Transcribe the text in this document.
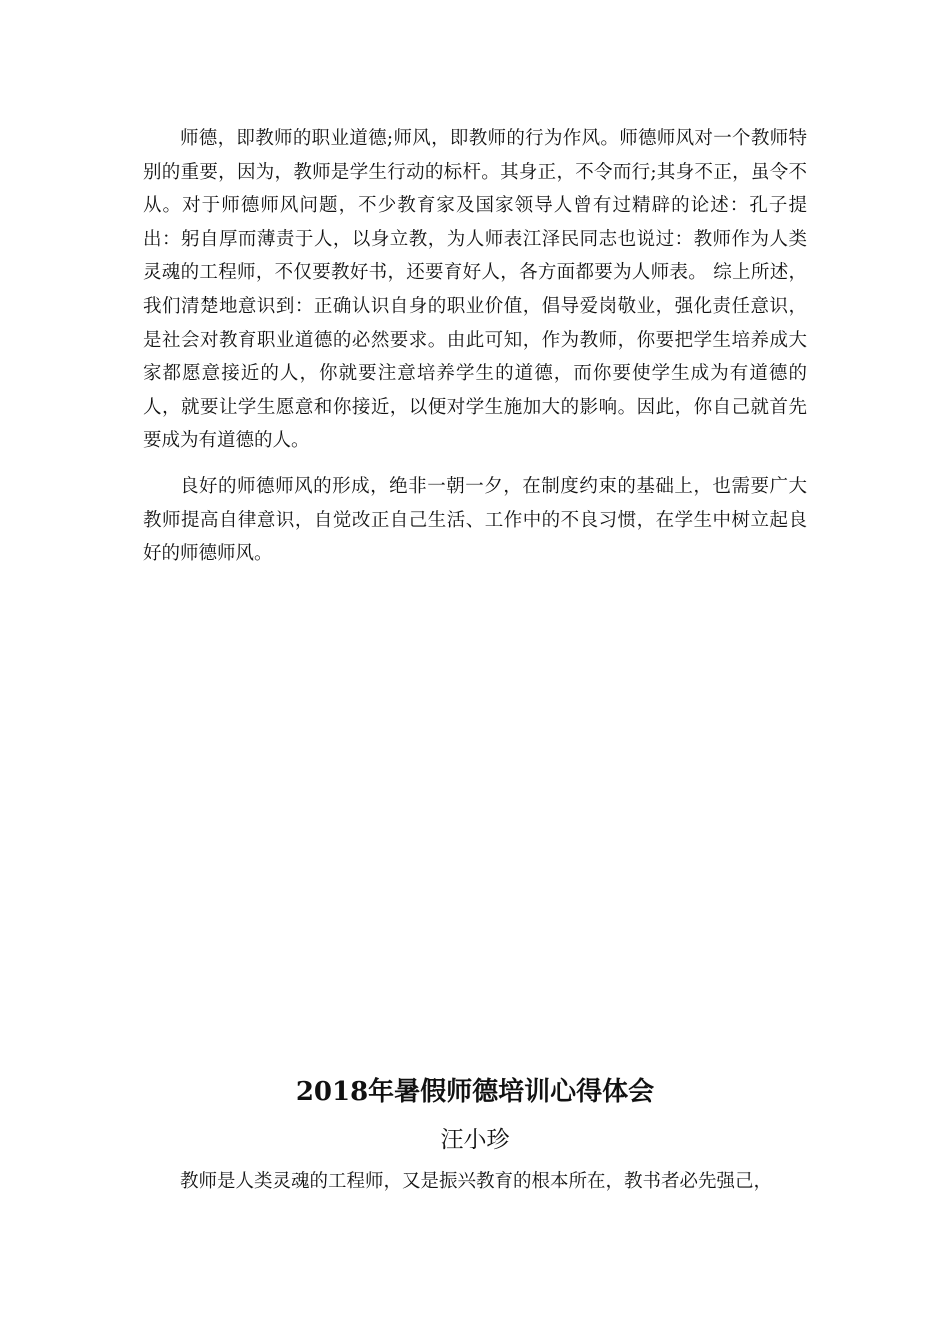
师德，即教师的职业道德;师风，即教师的行为作风。师德师风对一个教师特别的重要，因为，教师是学生行动的标杆。其身正，不令而行;其身不正，虽令不从。对于师德师风问题，不少教育家及国家领导人曾有过精辟的论述：孔子提出：躬自厚而薄责于人，以身立教，为人师表江泽民同志也说过：教师作为人类灵魂的工程师，不仅要教好书，还要育好人，各方面都要为人师表。 综上所述，我们清楚地意识到：正确认识自身的职业价值，倡导爱岗敬业，强化责任意识，是社会对教育职业道德的必然要求。由此可知，作为教师，你要把学生培养成大家都愿意接近的人，你就要注意培养学生的道德，而你要使学生成为有道德的人，就要让学生愿意和你接近，以便对学生施加大的影响。因此，你自己就首先要成为有道德的人。

良好的师德师风的形成，绝非一朝一夕，在制度约束的基础上，也需要广大教师提高自律意识，自觉改正自己生活、工作中的不良习惯，在学生中树立起良好的师德师风。

2018年暑假师德培训心得体会
汪小珍

教师是人类灵魂的工程师，又是振兴教育的根本所在，教书者必先强己，
